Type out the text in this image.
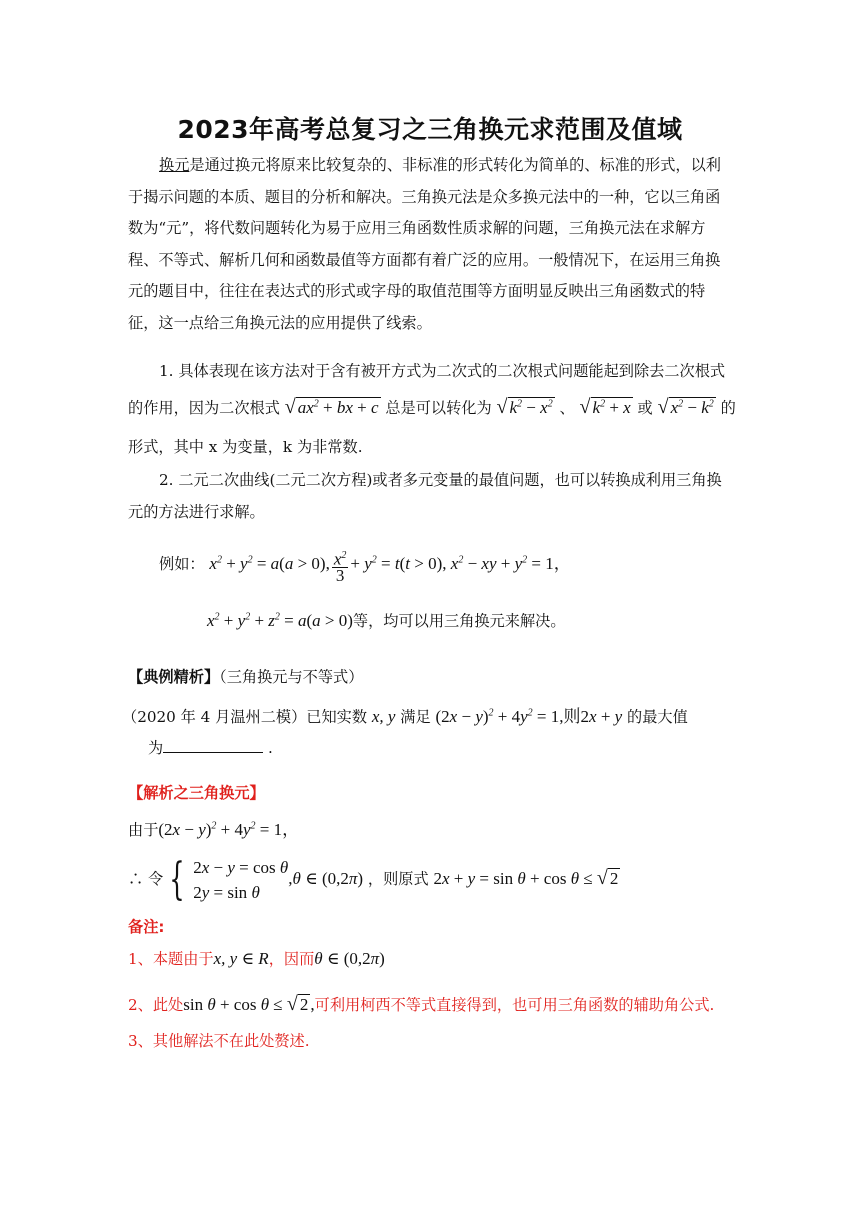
2023年高考总复习之三角换元求范围及值域
换元是通过换元将原来比较复杂的、非标准的形式转化为简单的、标准的形式，以利于揭示问题的本质、题目的分析和解决。三角换元法是众多换元法中的一种，它以三角函数为“元”，将代数问题转化为易于应用三角函数性质求解的问题，三角换元法在求解方程、不等式、解析几何和函数最值等方面都有着广泛的应用。一般情况下，在运用三角换元的题目中，往往在表达式的形式或字母的取值范围等方面明显反映出三角函数式的特征，这一点给三角换元法的应用提供了线索。
1. 具体表现在该方法对于含有被开方式为二次式的二次根式问题能起到除去二次根式
的作用，因为二次根式 √ $ax^2$ + bx + c 总是可以转化为 √ $k^2 - x^2$ 、 √ $k^2 + x$ 或 √ $x^2 - k^2$ 的
形式，其中 x 为变量，k 为非常数.
2. 二元二次曲线(二元二次方程)或者多元变量的最值问题，也可以转换成利用三角换元的方法进行求解。
例如： $x^2 + y^2 = a(a > 0)$, $\frac{x^2}{3} + y^2 = t(t > 0)$, $x^2$ − xy + $y^2 = 1$，
$x^2 + y^2 + z^2 = a(a > 0)$等，均可以用三角换元来解决。
【典例精析】（三角换元与不等式）
（2020 年 4 月温州二模）已知实数 x, y 满足 $(2x - y)^2 + 4y^2 = 1$,则2x + y 的最大值
为	.
【解析之三角换元】
由于$(2x - y)^2 + 4y^2 = 1$，
∴ 令 { 2x − y = cos θ
2y = sin θ,θ ∈ (0,2π) ，则原式 2x + y = sin θ + cos θ ≤ √ 2
备注:
1、本题由于x, y ∈ R，因而θ ∈ (0,2π)
2、此处sin θ + cos θ ≤ √ 2 ,可利用柯西不等式直接得到，也可用三角函数的辅助角公式.
3、其他解法不在此处赘述.
